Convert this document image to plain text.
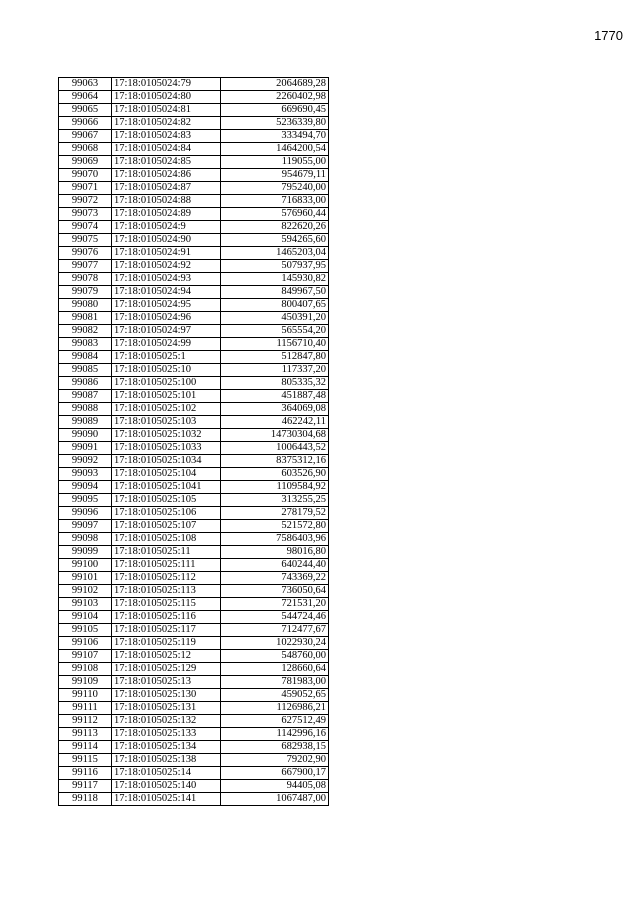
1770
99063	17:18:0105024:79	2064689,28
99064	17:18:0105024:80	2260402,98
99065	17:18:0105024:81	669690,45
99066	17:18:0105024:82	5236339,80
99067	17:18:0105024:83	333494,70
99068	17:18:0105024:84	1464200,54
99069	17:18:0105024:85	119055,00
99070	17:18:0105024:86	954679,11
99071	17:18:0105024:87	795240,00
99072	17:18:0105024:88	716833,00
99073	17:18:0105024:89	576960,44
99074	17:18:0105024:9	822620,26
99075	17:18:0105024:90	594265,60
99076	17:18:0105024:91	1465203,04
99077	17:18:0105024:92	507937,95
99078	17:18:0105024:93	145930,82
99079	17:18:0105024:94	849967,50
99080	17:18:0105024:95	800407,65
99081	17:18:0105024:96	450391,20
99082	17:18:0105024:97	565554,20
99083	17:18:0105024:99	1156710,40
99084	17:18:0105025:1	512847,80
99085	17:18:0105025:10	117337,20
99086	17:18:0105025:100	805335,32
99087	17:18:0105025:101	451887,48
99088	17:18:0105025:102	364069,08
99089	17:18:0105025:103	462242,11
99090	17:18:0105025:1032	14730304,68
99091	17:18:0105025:1033	1006443,52
99092	17:18:0105025:1034	8375312,16
99093	17:18:0105025:104	603526,90
99094	17:18:0105025:1041	1109584,92
99095	17:18:0105025:105	313255,25
99096	17:18:0105025:106	278179,52
99097	17:18:0105025:107	521572,80
99098	17:18:0105025:108	7586403,96
99099	17:18:0105025:11	98016,80
99100	17:18:0105025:111	640244,40
99101	17:18:0105025:112	743369,22
99102	17:18:0105025:113	736050,64
99103	17:18:0105025:115	721531,20
99104	17:18:0105025:116	544724,46
99105	17:18:0105025:117	712477,67
99106	17:18:0105025:119	1022930,24
99107	17:18:0105025:12	548760,00
99108	17:18:0105025:129	128660,64
99109	17:18:0105025:13	781983,00
99110	17:18:0105025:130	459052,65
99111	17:18:0105025:131	1126986,21
99112	17:18:0105025:132	627512,49
99113	17:18:0105025:133	1142996,16
99114	17:18:0105025:134	682938,15
99115	17:18:0105025:138	79202,90
99116	17:18:0105025:14	667900,17
99117	17:18:0105025:140	94405,08
99118	17:18:0105025:141	1067487,00
